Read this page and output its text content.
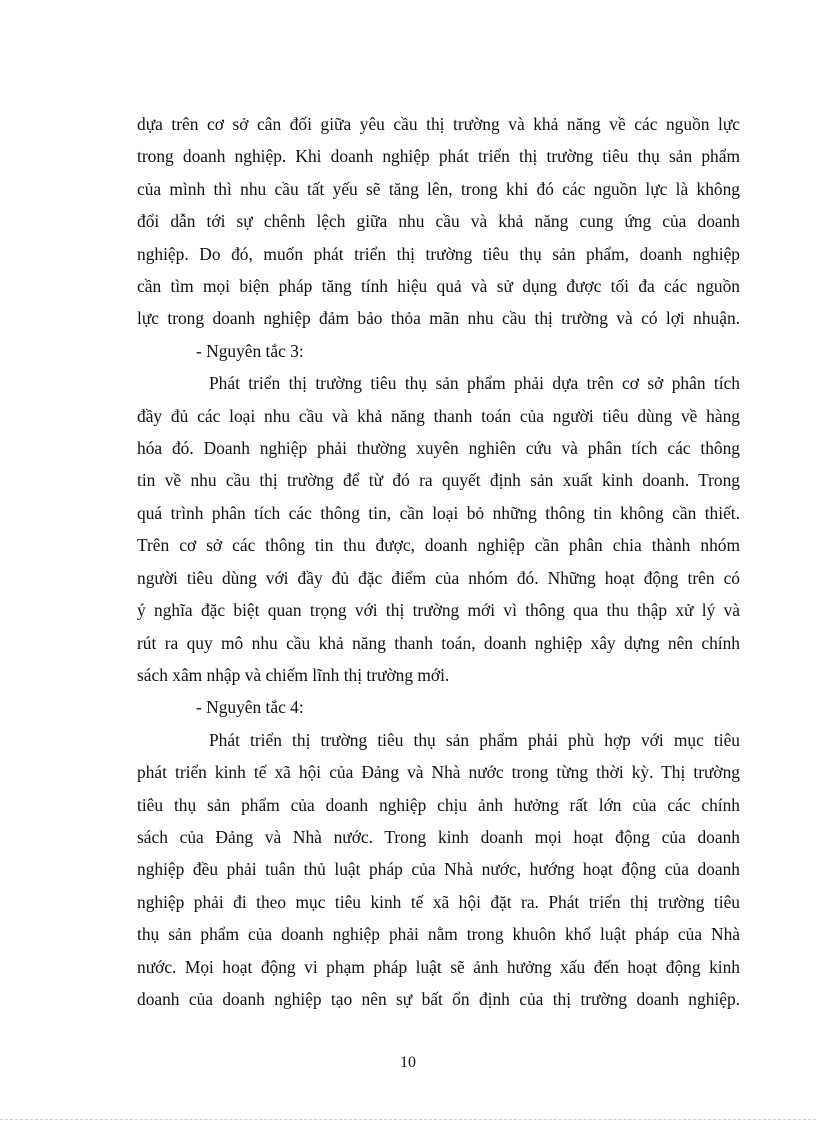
dựa trên cơ sở cân đối giữa yêu cầu thị trường và khả năng về các nguồn lực
trong doanh nghiệp. Khi doanh nghiệp phát triển thị trường tiêu thụ sản phẩm
của mình thì nhu cầu tất yếu sẽ tăng lên, trong khi đó các nguồn lực là không
đổi dẫn tới sự chênh lệch giữa nhu cầu và khả năng cung ứng của doanh
nghiệp. Do đó, muốn phát triển thị trường tiêu thụ sản phẩm, doanh nghiệp
cần tìm mọi biện pháp tăng tính hiệu quả và sử dụng được tối đa các nguồn
lực trong doanh nghiệp đảm bảo thỏa mãn nhu cầu thị trường và có lợi nhuận.

- Nguyên tắc 3:

Phát triển thị trường tiêu thụ sản phẩm phải dựa trên cơ sở phân tích
đầy đủ các loại nhu cầu và khả năng thanh toán của người tiêu dùng về hàng
hóa đó. Doanh nghiệp phải thường xuyên nghiên cứu và phân tích các thông
tin về nhu cầu thị trường để từ đó ra quyết định sản xuất kinh doanh. Trong
quá trình phân tích các thông tin, cần loại bỏ những thông tin không cần thiết.
Trên cơ sở các thông tin thu được, doanh nghiệp cần phân chia thành nhóm
người tiêu dùng với đầy đủ đặc điểm của nhóm đó. Những hoạt động trên có
ý nghĩa đặc biệt quan trọng với thị trường mới vì thông qua thu thập xử lý và
rút ra quy mô nhu cầu khả năng thanh toán, doanh nghiệp xây dựng nên chính
sách xâm nhập và chiếm lĩnh thị trường mới.

- Nguyên tắc 4:

Phát triển thị trường tiêu thụ sản phẩm phải phù hợp với mục tiêu
phát triển kinh tế xã hội của Đảng và Nhà nước trong từng thời kỳ. Thị trường
tiêu thụ sản phẩm của doanh nghiệp chịu ảnh hưởng rất lớn của các chính
sách của Đảng và Nhà nước. Trong kinh doanh mọi hoạt động của doanh
nghiệp đều phải tuân thủ luật pháp của Nhà nước, hướng hoạt động của doanh
nghiệp phải đi theo mục tiêu kinh tế xã hội đặt ra. Phát triển thị trường tiêu
thụ sản phẩm của doanh nghiệp phải nằm trong khuôn khổ luật pháp của Nhà
nước. Mọi hoạt động vi phạm pháp luật sẽ ảnh hưởng xấu đến hoạt động kinh
doanh của doanh nghiệp tạo nên sự bất ổn định của thị trường doanh nghiệp.
10
